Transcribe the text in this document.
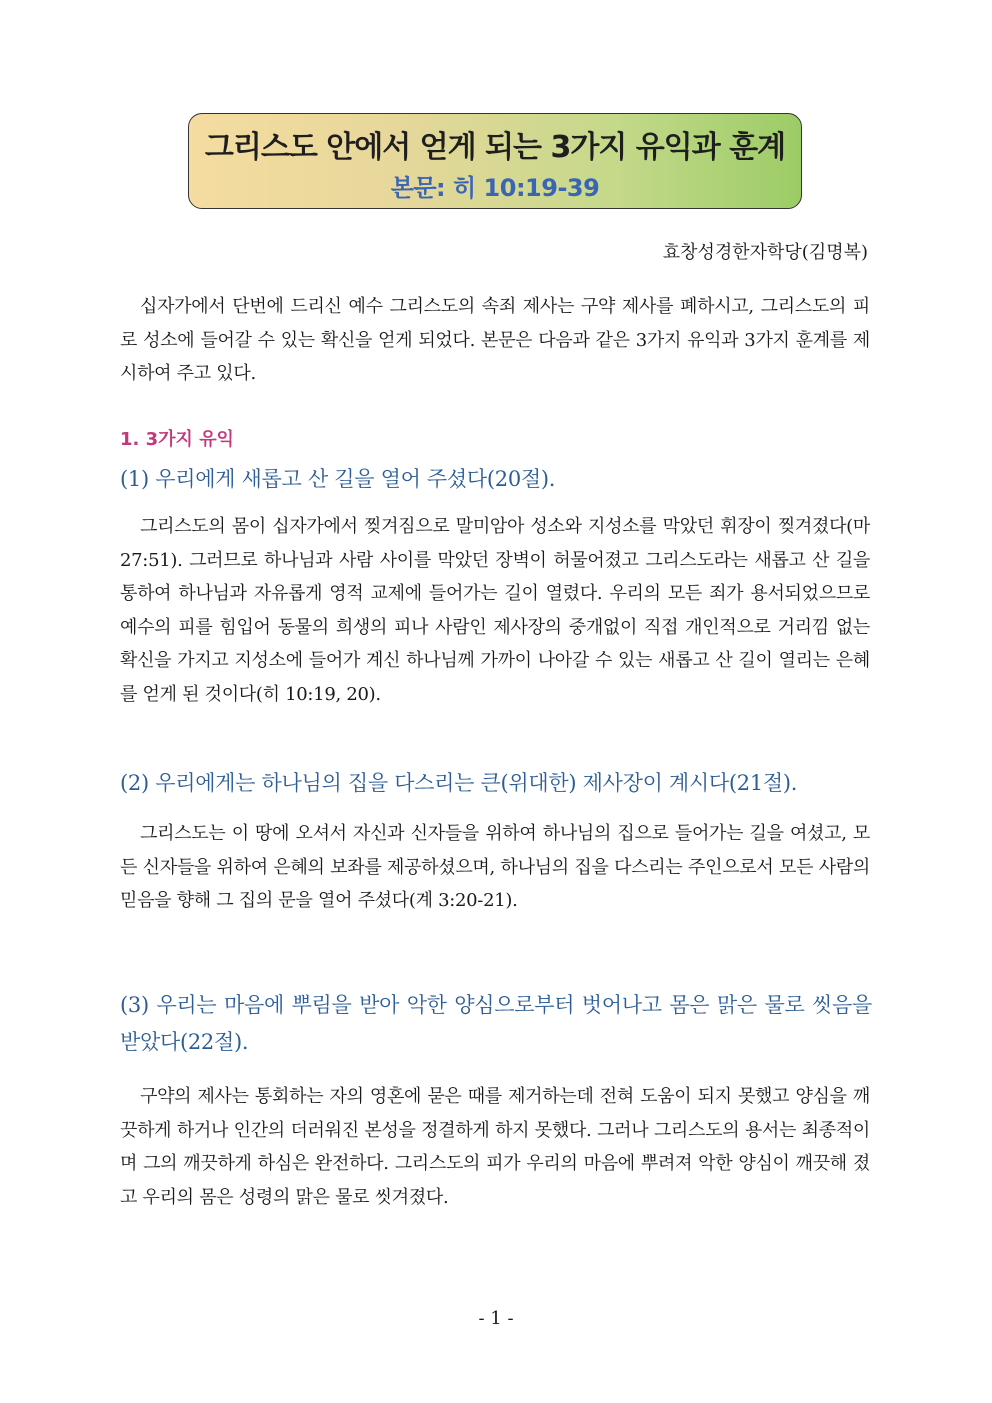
그리스도 안에서 얻게 되는 3가지 유익과 훈계
본문: 히 10:19-39
효창성경한자학당(김명복)

십자가에서 단번에 드리신 예수 그리스도의 속죄 제사는 구약 제사를 폐하시고, 그리스도의 피로 성소에 들어갈 수 있는 확신을 얻게 되었다. 본문은 다음과 같은 3가지 유익과 3가지 훈계를 제시하여 주고 있다.

1. 3가지 유익

(1) 우리에게 새롭고 산 길을 열어 주셨다(20절).

그리스도의 몸이 십자가에서 찢겨짐으로 말미암아 성소와 지성소를 막았던 휘장이 찢겨졌다(마 27:51). 그러므로 하나님과 사람 사이를 막았던 장벽이 허물어졌고 그리스도라는 새롭고 산 길을 통하여 하나님과 자유롭게 영적 교제에 들어가는 길이 열렸다. 우리의 모든 죄가 용서되었으므로 예수의 피를 힘입어 동물의 희생의 피나 사람인 제사장의 중개없이 직접 개인적으로 거리낌 없는 확신을 가지고 지성소에 들어가 계신 하나님께 가까이 나아갈 수 있는 새롭고 산 길이 열리는 은혜를 얻게 된 것이다(히 10:19, 20).

(2) 우리에게는 하나님의 집을 다스리는 큰(위대한) 제사장이 계시다(21절).

그리스도는 이 땅에 오셔서 자신과 신자들을 위하여 하나님의 집으로 들어가는 길을 여셨고, 모든 신자들을 위하여 은혜의 보좌를 제공하셨으며, 하나님의 집을 다스리는 주인으로서 모든 사람의 믿음을 향해 그 집의 문을 열어 주셨다(계 3:20-21).

(3) 우리는 마음에 뿌림을 받아 악한 양심으로부터 벗어나고 몸은 맑은 물로 씻음을 받았다(22절).

구약의 제사는 통회하는 자의 영혼에 묻은 때를 제거하는데 전혀 도움이 되지 못했고 양심을 깨끗하게 하거나 인간의 더러워진 본성을 정결하게 하지 못했다. 그러나 그리스도의 용서는 최종적이며 그의 깨끗하게 하심은 완전하다. 그리스도의 피가 우리의 마음에 뿌려져 악한 양심이 깨끗해 졌고 우리의 몸은 성령의 맑은 물로 씻겨졌다.

- 1 -
